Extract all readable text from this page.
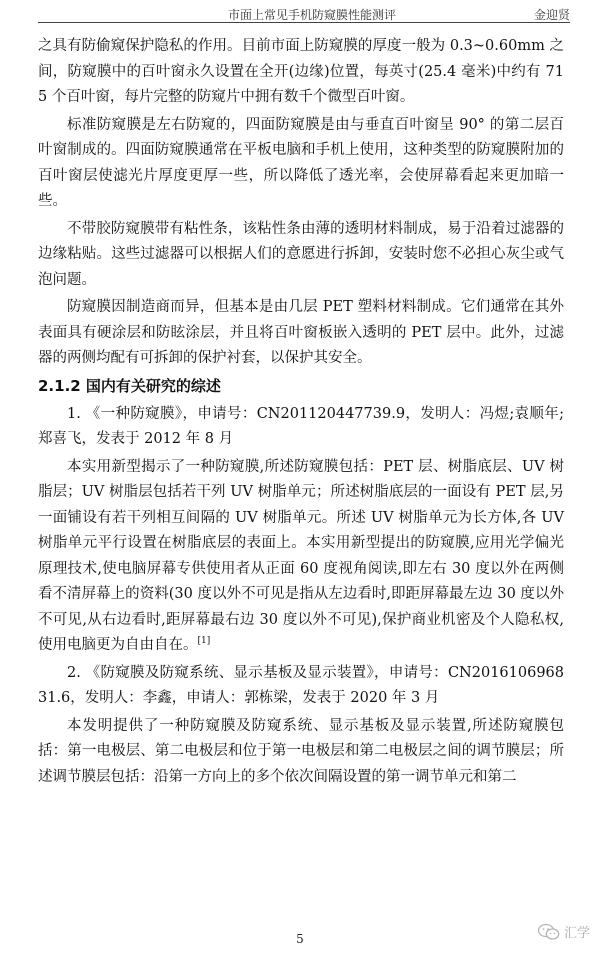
市面上常见手机防窥膜性能测评	金迎贤

之具有防偷窥保护隐私的作用。目前市面上防窥膜的厚度一般为 0.3~0.60mm 之间，防窥膜中的百叶窗永久设置在全开(边缘)位置，每英寸(25.4 毫米)中约有 715 个百叶窗，每片完整的防窥片中拥有数千个微型百叶窗。

标准防窥膜是左右防窥的，四面防窥膜是由与垂直百叶窗呈 90° 的第二层百叶窗制成的。四面防窥膜通常在平板电脑和手机上使用，这种类型的防窥膜附加的百叶窗层使滤光片厚度更厚一些，所以降低了透光率，会使屏幕看起来更加暗一些。

不带胶防窥膜带有粘性条，该粘性条由薄的透明材料制成，易于沿着过滤器的边缘粘贴。这些过滤器可以根据人们的意愿进行拆卸，安装时您不必担心灰尘或气泡问题。

防窥膜因制造商而异，但基本是由几层 PET 塑料材料制成。它们通常在其外表面具有硬涂层和防眩涂层，并且将百叶窗板嵌入透明的 PET 层中。此外，过滤器的两侧均配有可拆卸的保护衬套，以保护其安全。

2.1.2 国内有关研究的综述

1. 《一种防窥膜》，申请号：CN201120447739.9，发明人：冯煜;袁顺年;郑喜飞，发表于 2012 年 8 月

本实用新型揭示了一种防窥膜,所述防窥膜包括：PET 层、树脂底层、UV 树脂层；UV 树脂层包括若干列 UV 树脂单元；所述树脂底层的一面设有 PET 层,另一面铺设有若干列相互间隔的 UV 树脂单元。所述 UV 树脂单元为长方体,各 UV 树脂单元平行设置在树脂底层的表面上。本实用新型提出的防窥膜,应用光学偏光原理技术,使电脑屏幕专供使用者从正面 60 度视角阅读,即左右 30 度以外在两侧看不清屏幕上的资料(30 度以外不可见是指从左边看时,即距屏幕最左边 30 度以外不可见,从右边看时,距屏幕最右边 30 度以外不可见),保护商业机密及个人隐私权,使用电脑更为自由自在。[1]

2. 《防窥膜及防窥系统、显示基板及显示装置》，申请号：CN201610696831.6，发明人：李鑫，申请人：郭栋梁，发表于 2020 年 3 月

本发明提供了一种防窥膜及防窥系统、显示基板及显示装置,所述防窥膜包括：第一电极层、第二电极层和位于第一电极层和第二电极层之间的调节膜层；所述调节膜层包括：沿第一方向上的多个依次间隔设置的第一调节单元和第二

5	汇学
